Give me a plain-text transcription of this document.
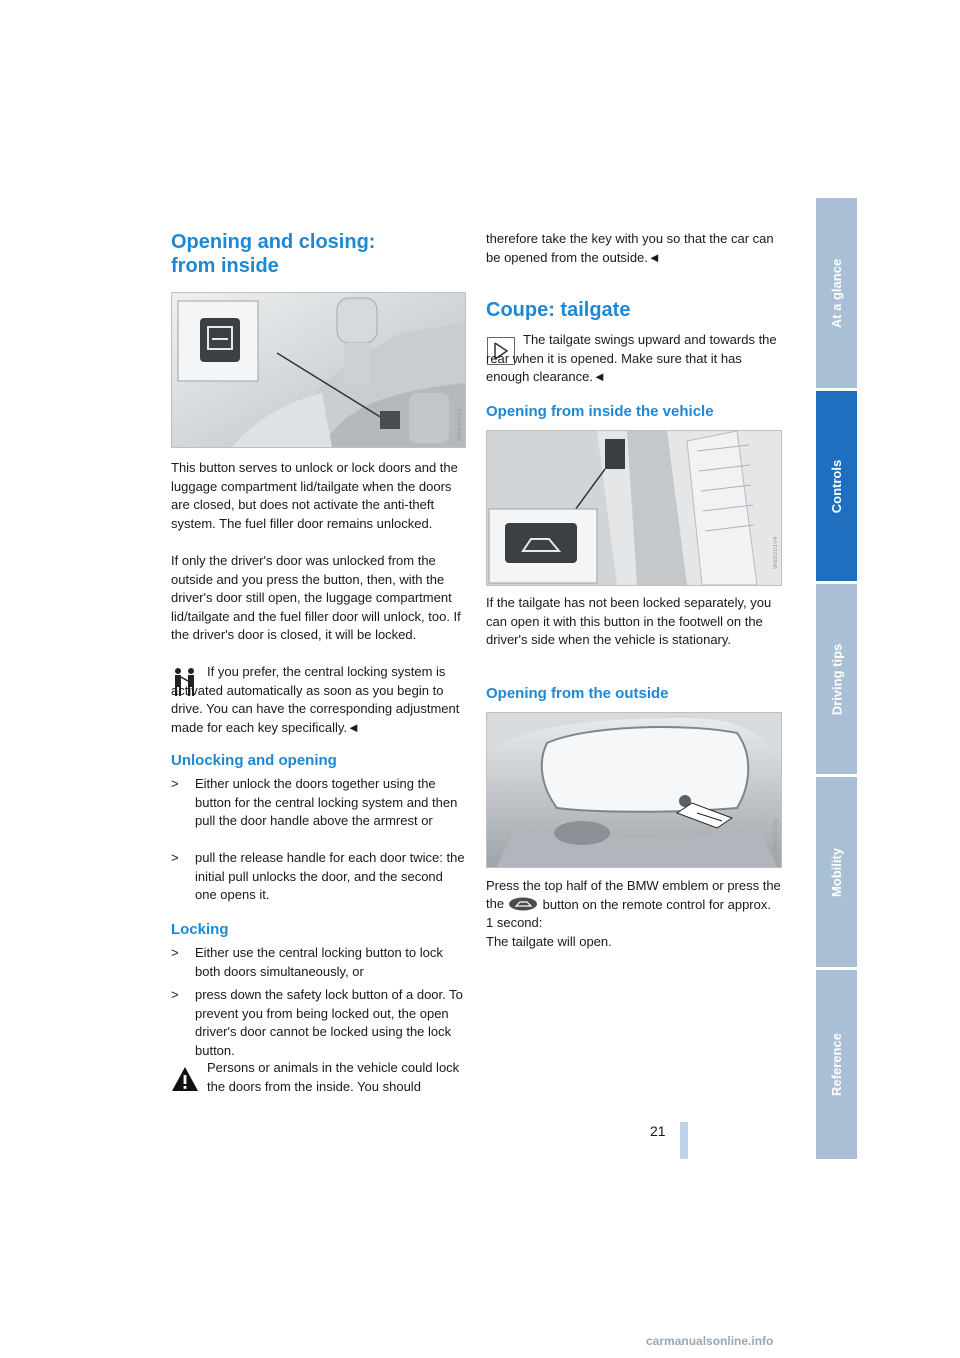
Opening and closing:
from inside
W6850033

This button serves to unlock or lock doors and the luggage compartment lid/tailgate when the doors are closed, but does not activate the anti-theft system. The fuel filler door remains unlocked.

If only the driver's door was unlocked from the outside and you press the button, then, with the driver's door still open, the luggage compartment lid/tailgate and the fuel filler door will unlock, too. If the driver's door is closed, it will be locked.

If you prefer, the central locking system is activated automatically as soon as you begin to drive. You can have the corresponding adjustment made for each key specifically.◄

Unlocking and opening
> Either unlock the doors together using the button for the central locking system and then pull the door handle above the armrest or
> pull the release handle for each door twice: the initial pull unlocks the door, and the second one opens it.
Locking
> Either use the central locking button to lock both doors simultaneously, or
> press down the safety lock button of a door. To prevent you from being locked out, the open driver's door cannot be locked using the lock button.

Persons or animals in the vehicle could lock the doors from the inside. You should

therefore take the key with you so that the car can be opened from the outside.◄

Coupe: tailgate

The tailgate swings upward and towards the rear when it is opened. Make sure that it has enough clearance.◄

Opening from inside the vehicle
W6820104

If the tailgate has not been locked separately, you can open it with this button in the footwell on the driver's side when the vehicle is stationary.

Opening from the outside
W6820105

Press the top half of the BMW emblem or press the
button on the remote control for approx. 1 second:
The tailgate will open.

the
At a glance
Controls
Driving tips
Mobility
Reference
21
carmanualsonline.info
